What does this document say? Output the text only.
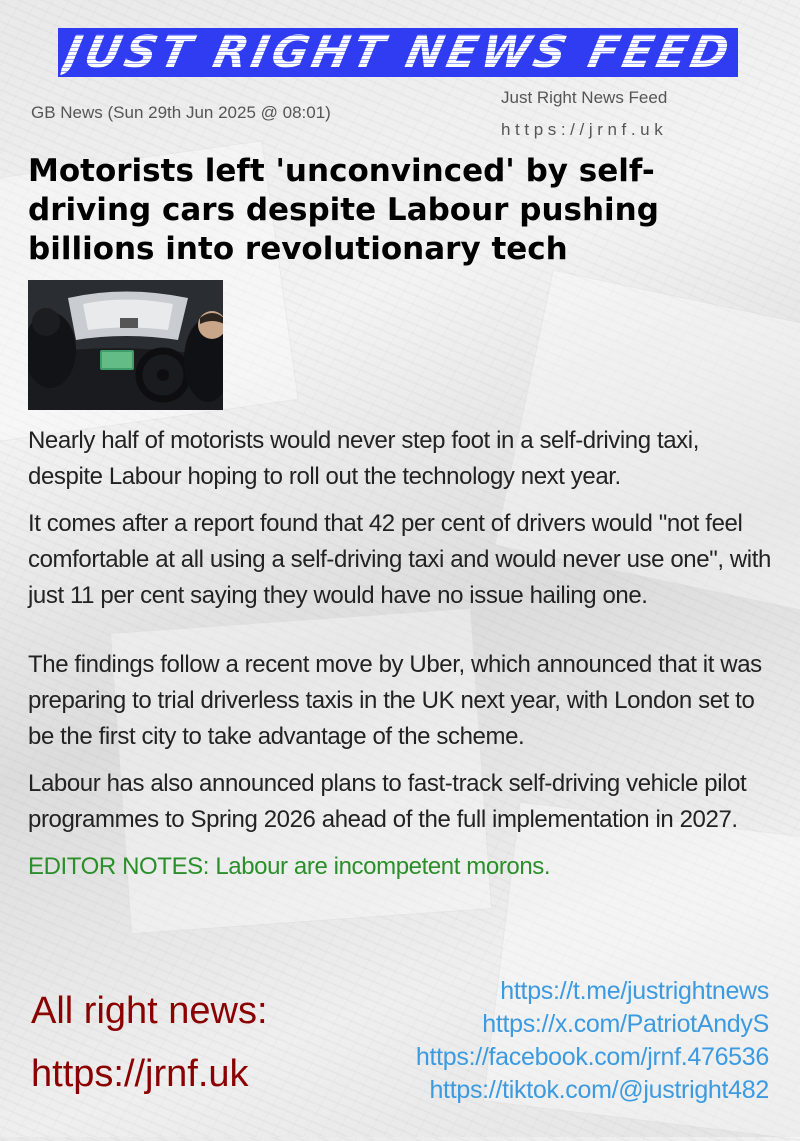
JUST RIGHT NEWS FEED
GB News (Sun 29th Jun 2025 @ 08:01)
Just Right News Feed
https://jrnf.uk
Motorists left 'unconvinced' by self-driving cars despite Labour pushing billions into revolutionary tech

Nearly half of motorists would never step foot in a self-driving taxi, despite Labour hoping to roll out the technology next year.

It comes after a report found that 42 per cent of drivers would "not feel comfortable at all using a self-driving taxi and would never use one", with just 11 per cent saying they would have no issue hailing one.

The findings follow a recent move by Uber, which announced that it was preparing to trial driverless taxis in the UK next year, with London set to be the first city to take advantage of the scheme.

Labour has also announced plans to fast-track self-driving vehicle pilot programmes to Spring 2026 ahead of the full implementation in 2027.

EDITOR NOTES: Labour are incompetent morons.

All right news:
https://jrnf.uk
https://t.me/justrightnews
https://x.com/PatriotAndyS
https://facebook.com/jrnf.476536
https://tiktok.com/@justright482
